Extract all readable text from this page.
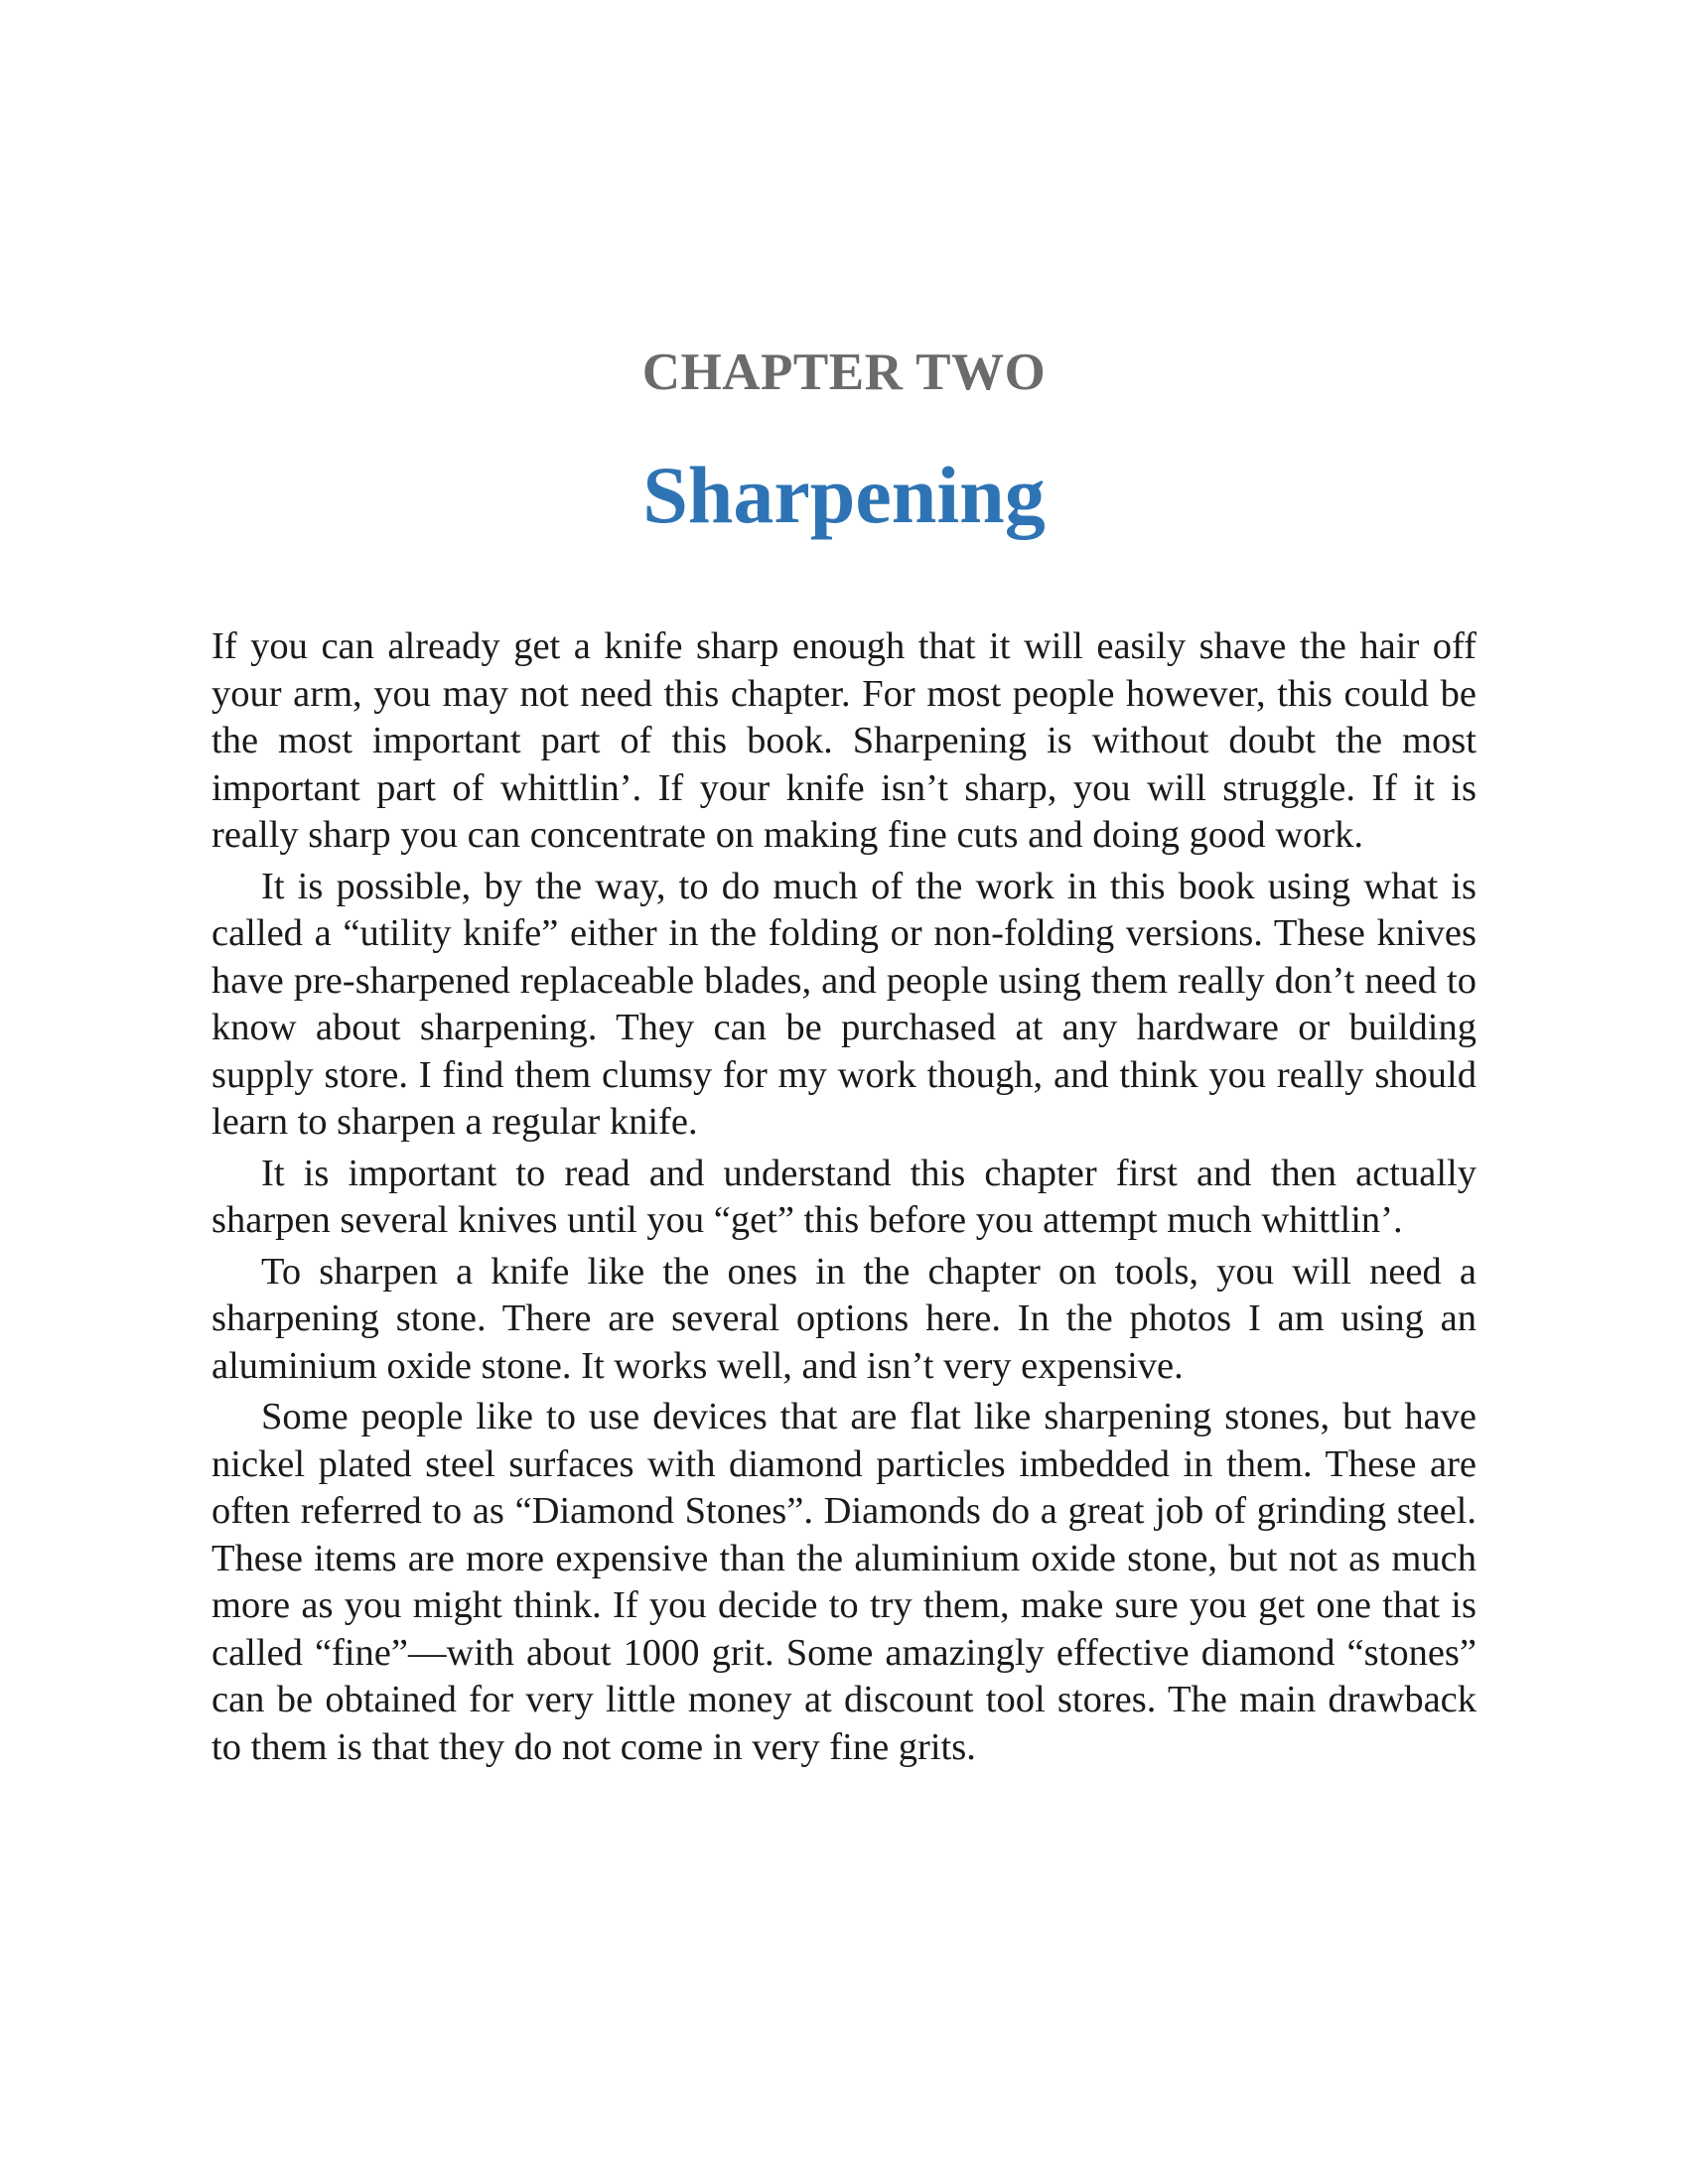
CHAPTER TWO
Sharpening

If you can already get a knife sharp enough that it will easily shave the hair off your arm, you may not need this chapter. For most people however, this could be the most important part of this book. Sharpening is without doubt the most important part of whittlin’. If your knife isn’t sharp, you will struggle. If it is really sharp you can concentrate on making fine cuts and doing good work.

It is possible, by the way, to do much of the work in this book using what is called a “utility knife” either in the folding or non-folding versions. These knives have pre-sharpened replaceable blades, and people using them really don’t need to know about sharpening. They can be purchased at any hardware or building supply store. I find them clumsy for my work though, and think you really should learn to sharpen a regular knife.

It is important to read and understand this chapter first and then actually sharpen several knives until you “get” this before you attempt much whittlin’.

To sharpen a knife like the ones in the chapter on tools, you will need a sharpening stone. There are several options here. In the photos I am using an aluminium oxide stone. It works well, and isn’t very expensive.

Some people like to use devices that are flat like sharpening stones, but have nickel plated steel surfaces with diamond particles imbedded in them. These are often referred to as “Diamond Stones”. Diamonds do a great job of grinding steel. These items are more expensive than the aluminium oxide stone, but not as much more as you might think. If you decide to try them, make sure you get one that is called “fine”—with about 1000 grit. Some amazingly effective diamond “stones” can be obtained for very little money at discount tool stores. The main drawback to them is that they do not come in very fine grits.
